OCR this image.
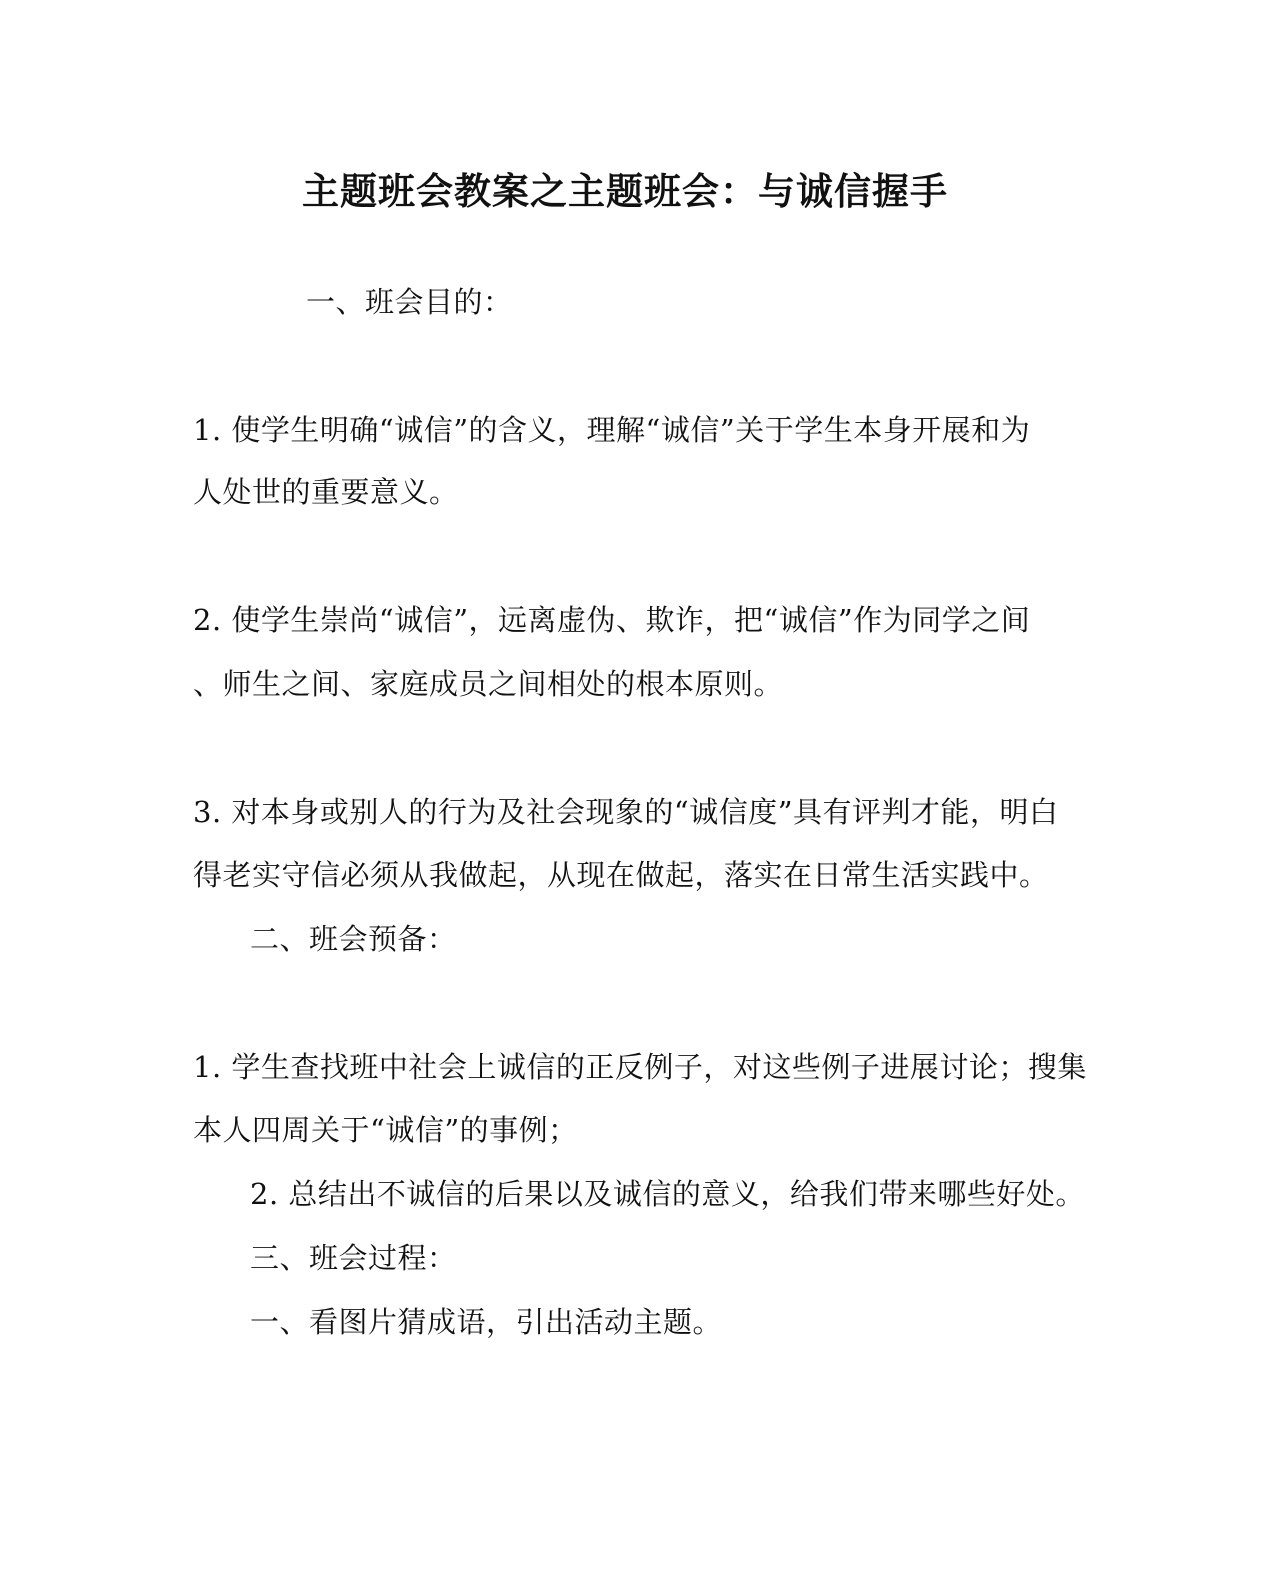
主题班会教案之主题班会：与诚信握手
一、班会目的：
1. 使学生明确“诚信”的含义，理解“诚信”关于学生本身开展和为
人处世的重要意义。
2. 使学生崇尚“诚信”，远离虚伪、欺诈，把“诚信”作为同学之间
、师生之间、家庭成员之间相处的根本原则。
3. 对本身或别人的行为及社会现象的“诚信度”具有评判才能，明白
得老实守信必须从我做起，从现在做起，落实在日常生活实践中。
二、班会预备：
1. 学生查找班中社会上诚信的正反例子，对这些例子进展讨论；搜集
本人四周关于“诚信”的事例；
2. 总结出不诚信的后果以及诚信的意义，给我们带来哪些好处。
三、班会过程：
一、看图片猜成语，引出活动主题。
